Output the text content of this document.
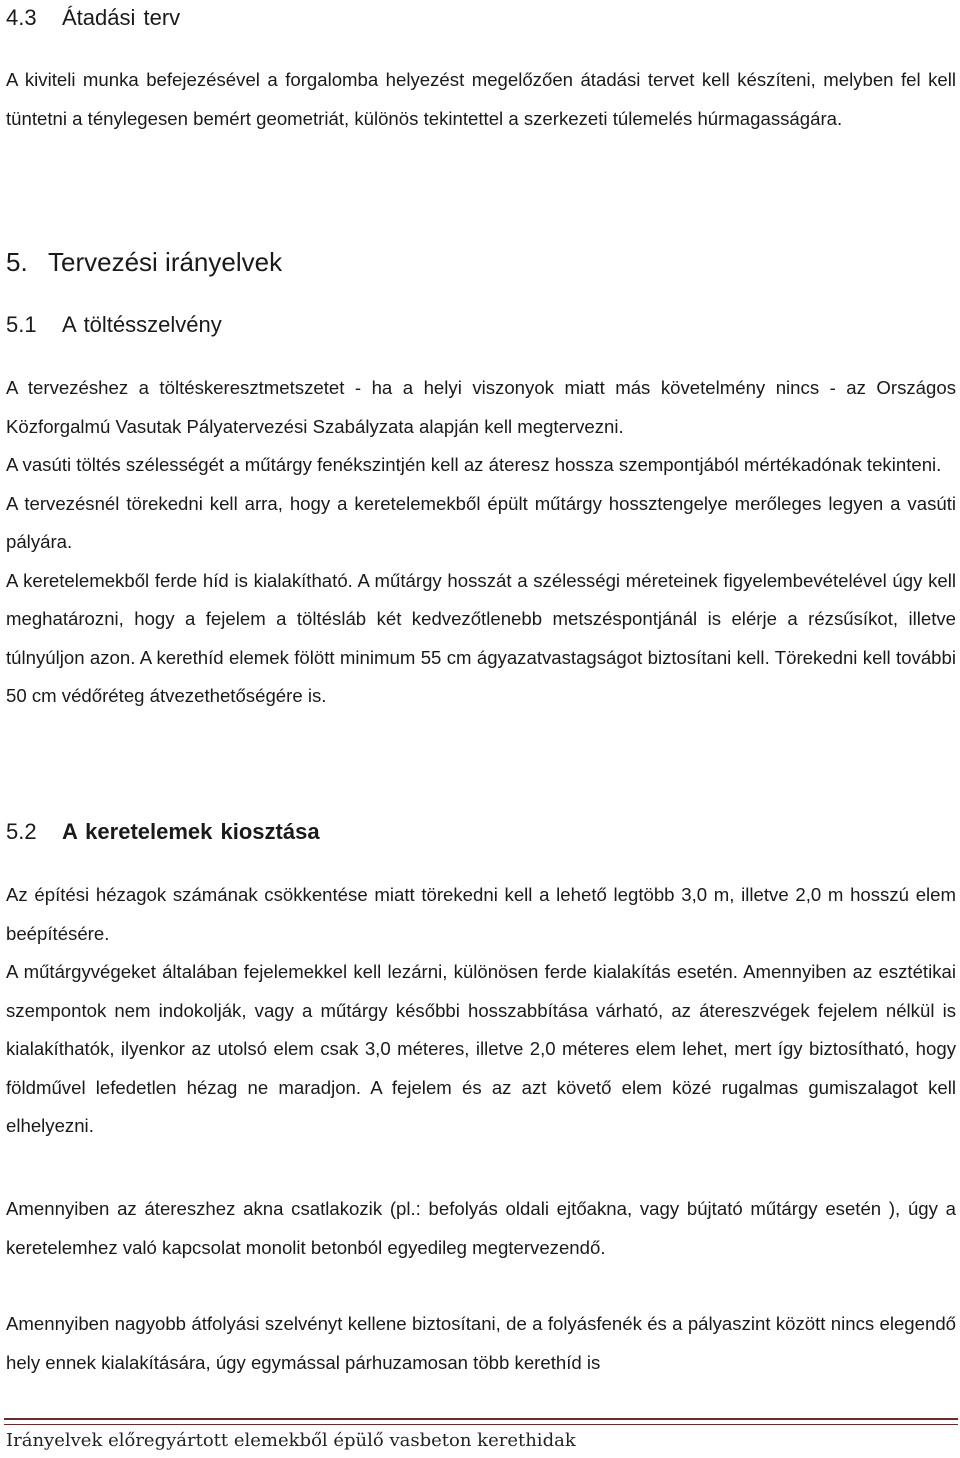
4.3 Átadási terv

A kiviteli munka befejezésével a forgalomba helyezést megelőzően átadási tervet kell készíteni, melyben fel kell tüntetni a ténylegesen bemért geometriát, különös tekintettel a szerkezeti túlemelés húrmagasságára.

5. Tervezési irányelvek
5.1 A töltésszelvény

A tervezéshez a töltéskeresztmetszetet - ha a helyi viszonyok miatt más követelmény nincs - az Országos Közforgalmú Vasutak Pályatervezési Szabályzata alapján kell megtervezni.

A vasúti töltés szélességét a műtárgy fenékszintjén kell az áteresz hossza szempontjából mértékadónak tekinteni.

A tervezésnél törekedni kell arra, hogy a keretelemekből épült műtárgy hossztengelye merőleges legyen a vasúti pályára.

A keretelemekből ferde híd is kialakítható. A műtárgy hosszát a szélességi méreteinek figyelembevételével úgy kell meghatározni, hogy a fejelem a töltésláb két kedvezőtlenebb metszéspontjánál is elérje a rézsűsíkot, illetve túlnyúljon azon. A kerethíd elemek fölött minimum 55 cm ágyazatvastagságot biztosítani kell. Törekedni kell további 50 cm védőréteg átvezethetőségére is.

5.2 A keretelemek kiosztása

Az építési hézagok számának csökkentése miatt törekedni kell a lehető legtöbb 3,0 m, illetve 2,0 m hosszú elem beépítésére.

A műtárgyvégeket általában fejelemekkel kell lezárni, különösen ferde kialakítás esetén. Amennyiben az esztétikai szempontok nem indokolják, vagy a műtárgy későbbi hosszabbítása várható, az átereszvégek fejelem nélkül is kialakíthatók, ilyenkor az utolsó elem csak 3,0 méteres, illetve 2,0 méteres elem lehet, mert így biztosítható, hogy földművel lefedetlen hézag ne maradjon. A fejelem és az azt követő elem közé rugalmas gumiszalagot kell elhelyezni.

Amennyiben az átereszhez akna csatlakozik (pl.: befolyás oldali ejtőakna, vagy bújtató műtárgy esetén ), úgy a keretelemhez való kapcsolat monolit betonból egyedileg megtervezendő.

Amennyiben nagyobb átfolyási szelvényt kellene biztosítani, de a folyásfenék és a pályaszint között nincs elegendő hely ennek kialakítására, úgy egymással párhuzamosan több kerethíd is

Irányelvek előregyártott elemekből épülő vasbeton kerethidak
